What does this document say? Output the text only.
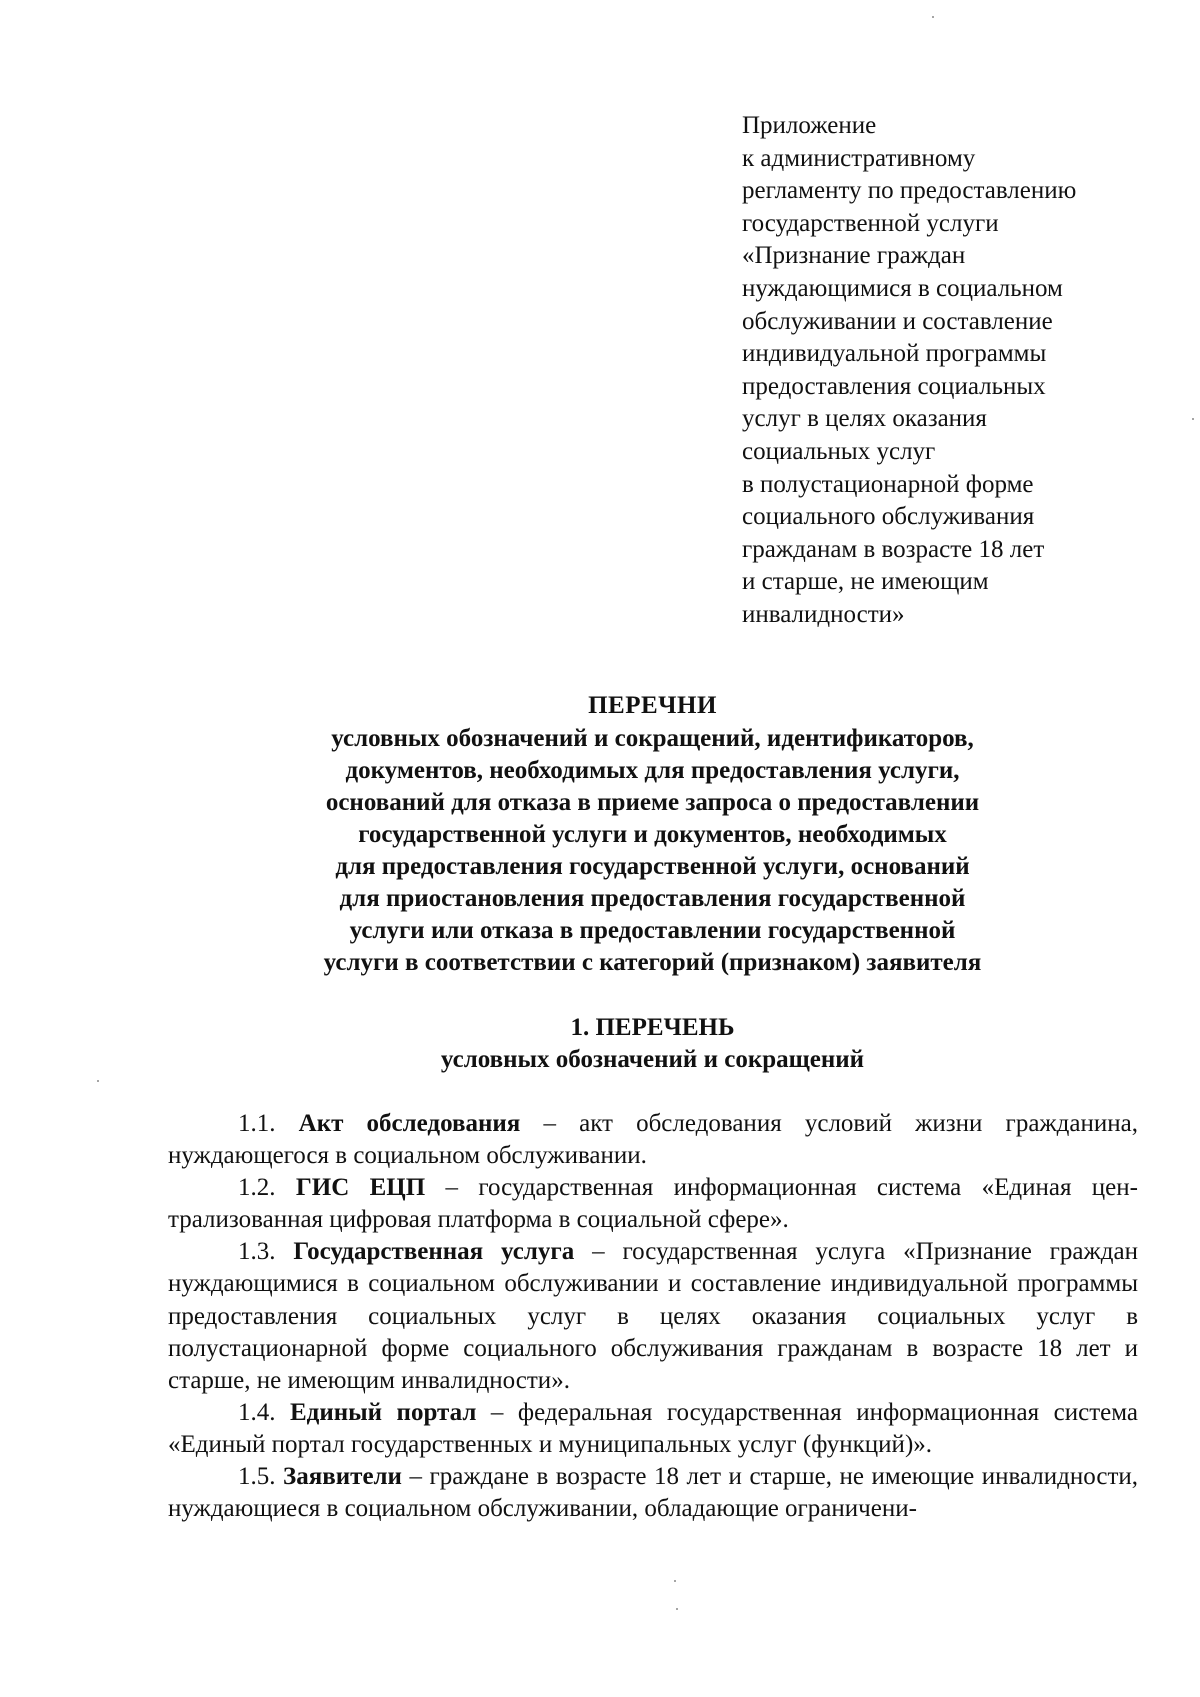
Приложение
к административному
регламенту по предоставлению
государственной услуги
«Признание граждан
нуждающимися в социальном
обслуживании и составление
индивидуальной программы
предоставления социальных
услуг в целях оказания
социальных услуг
в полустационарной форме
социального обслуживания
гражданам в возрасте 18 лет
и старше, не имеющим
инвалидности»
ПЕРЕЧНИ
условных обозначений и сокращений, идентификаторов,
документов, необходимых для предоставления услуги,
оснований для отказа в приеме запроса о предоставлении
государственной услуги и документов, необходимых
для предоставления государственной услуги, оснований
для приостановления предоставления государственной
услуги или отказа в предоставлении государственной
услуги в соответствии с категорий (признаком) заявителя
1. ПЕРЕЧЕНЬ
условных обозначений и сокращений

1.1. Акт обследования – акт обследования условий жизни гражданина, нуждающегося в социальном обслуживании.

1.2. ГИС ЕЦП – государственная информационная система «Единая централизованная цифровая платформа в социальной сфере».

1.3. Государственная услуга – государственная услуга «Признание граждан нуждающимися в социальном обслуживании и составление индивидуальной программы предоставления социальных услуг в целях оказания социальных услуг в полустационарной форме социального обслуживания гражданам в возрасте 18 лет и старше, не имеющим инвалидности».

1.4. Единый портал – федеральная государственная информационная система «Единый портал государственных и муниципальных услуг (функций)».

1.5. Заявители – граждане в возрасте 18 лет и старше, не имеющие инвалидности, нуждающиеся в социальном обслуживании, обладающие ограничени-
